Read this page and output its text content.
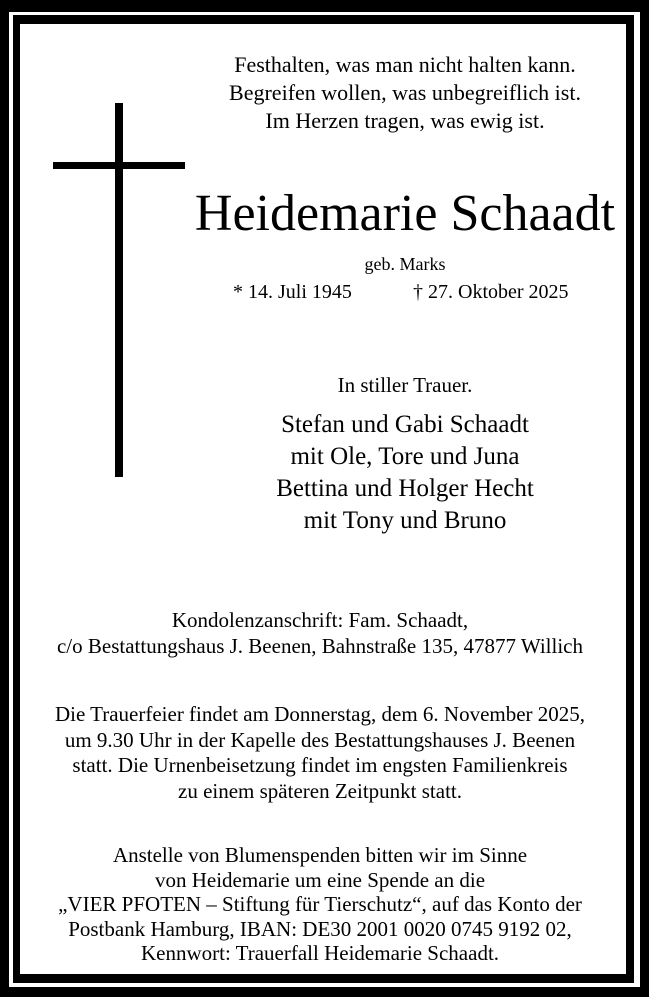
Festhalten, was man nicht halten kann.
Begreifen wollen, was unbegreiflich ist.
Im Herzen tragen, was ewig ist.
Heidemarie Schaadt
geb. Marks
* 14. Juli 1945	† 27. Oktober 2025
In stiller Trauer.
Stefan und Gabi Schaadt
mit Ole, Tore und Juna
Bettina und Holger Hecht
mit Tony und Bruno
Kondolenzanschrift: Fam. Schaadt,
c/o Bestattungshaus J. Beenen, Bahnstraße 135, 47877 Willich
Die Trauerfeier findet am Donnerstag, dem 6. November 2025,
um 9.30 Uhr in der Kapelle des Bestattungshauses J. Beenen
statt. Die Urnenbeisetzung findet im engsten Familienkreis
zu einem späteren Zeitpunkt statt.
Anstelle von Blumenspenden bitten wir im Sinne
von Heidemarie um eine Spende an die
„VIER PFOTEN – Stiftung für Tierschutz“, auf das Konto der
Postbank Hamburg, IBAN: DE30 2001 0020 0745 9192 02,
Kennwort: Trauerfall Heidemarie Schaadt.
